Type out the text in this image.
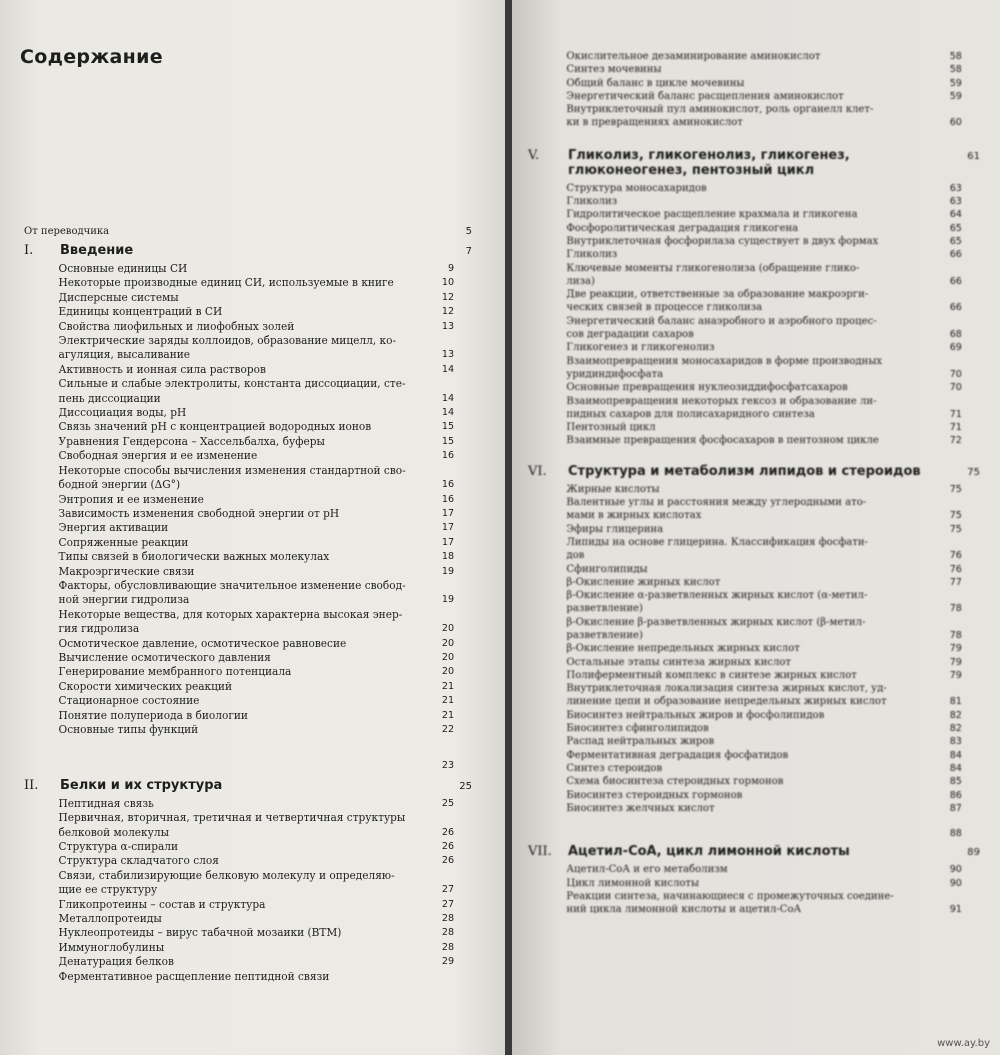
Содержание
От переводчика	5
I.	Введение	7
Основные единицы СИ	9
Некоторые производные единиц СИ, используемые в книге	10
Дисперсные системы	12
Единицы концентраций в СИ	12
Свойства лиофильных и лиофобных золей	13
Электрические заряды коллоидов, образование мицелл, ко-
агуляция, высаливание	13
Активность и ионная сила растворов	14
Сильные и слабые электролиты, константа диссоциации, сте-
пень диссоциации	14
Диссоциация воды, pH	14
Связь значений pH с концентрацией водородных ионов	15
Уравнения Гендерсона – Хассельбалха, буферы	15
Свободная энергия и ее изменение	16
Некоторые способы вычисления изменения стандартной сво-
бодной энергии (ΔG°)	16
Энтропия и ее изменение	16
Зависимость изменения свободной энергии от pH	17
Энергия активации	17
Сопряженные реакции	17
Типы связей в биологически важных молекулах	18
Макроэргические связи	19
Факторы, обусловливающие значительное изменение свобод-
ной энергии гидролиза	19
Некоторые вещества, для которых характерна высокая энер-
гия гидролиза	20
Осмотическое давление, осмотическое равновесие	20
Вычисление осмотического давления	20
Генерирование мембранного потенциала	20
Скорости химических реакций	21
Стационарное состояние	21
Понятие полупериода в биологии	21
Основные типы функций	22
23
II.	Белки и их структура	25
Пептидная связь	25
Первичная, вторичная, третичная и четвертичная структуры
белковой молекулы	26
Структура α-спирали	26
Структура складчатого слоя	26
Связи, стабилизирующие белковую молекулу и определяю-
щие ее структуру	27
Гликопротеины – состав и структура	27
Металлопротеиды	28
Нуклеопротеиды – вирус табачной мозаики (ВТМ)	28
Иммуноглобулины	28
Денатурация белков	29
Ферментативное расщепление пептидной связи
Окислительное дезаминирование аминокислот	58
Синтез мочевины	58
Общий баланс в цикле мочевины	59
Энергетический баланс расщепления аминокислот	59
Внутриклеточный пул аминокислот, роль органелл клет-
ки в превращениях аминокислот	60
V.	Гликолиз, гликогенолиз, гликогенез, глюконеогенез, пентозный цикл
61
Структура моносахаридов	63
Гликолиз	63
Гидролитическое расщепление крахмала и гликогена	64
Фосфоролитическая деградация гликогена	65
Внутриклеточная фосфорилаза существует в двух формах	65
Гликолиз	66
Ключевые моменты гликогенолиза (обращение глико-
лиза)	66
Две реакции, ответственные за образование макроэрги-
ческих связей в процессе гликолиза	66
Энергетический баланс анаэробного и аэробного процес-
сов деградации сахаров	68
Гликогенез и гликогенолиз	69
Взаимопревращения моносахаридов в форме производных
уридиндифосфата	70
Основные превращения нуклеозиддифосфатсахаров	70
Взаимопревращения некоторых гексоз и образование ли-
пидных сахаров для полисахаридного синтеза	71
Пентозный цикл	71
Взаимные превращения фосфосахаров в пентозном цикле	72
VI.	Структура и метаболизм липидов и стероидов	75
Жирные кислоты	75
Валентные углы и расстояния между углеродными ато-
мами в жирных кислотах	75
Эфиры глицерина	75
Липиды на основе глицерина. Классификация фосфати-
дов	76
Сфинголипиды	76
β-Окисление жирных кислот	77
β-Окисление α-разветвленных жирных кислот (α-метил-
разветвление)	78
β-Окисление β-разветвленных жирных кислот (β-метил-
разветвление)	78
β-Окисление непредельных жирных кислот	79
Остальные этапы синтеза жирных кислот	79
Полиферментный комплекс в синтезе жирных кислот	79
Внутриклеточная локализация синтеза жирных кислот, уд-
линение цепи и образование непредельных жирных кислот	81
Биосинтез нейтральных жиров и фосфолипидов	82
Биосинтез сфинголипидов	82
Распад нейтральных жиров	83
Ферментативная деградация фосфатидов	84
Синтез стероидов	84
Схема биосинтеза стероидных гормонов	85
Биосинтез стероидных гормонов	86
Биосинтез желчных кислот	87
88
VII.	Ацетил-СоА, цикл лимонной кислоты	89
Ацетил-СоА и его метаболизм	90
Цикл лимонной кислоты	90
Реакции синтеза, начинающиеся с промежуточных соедине-
ний цикла лимонной кислоты и ацетил-СоА	91
www.ay.by
